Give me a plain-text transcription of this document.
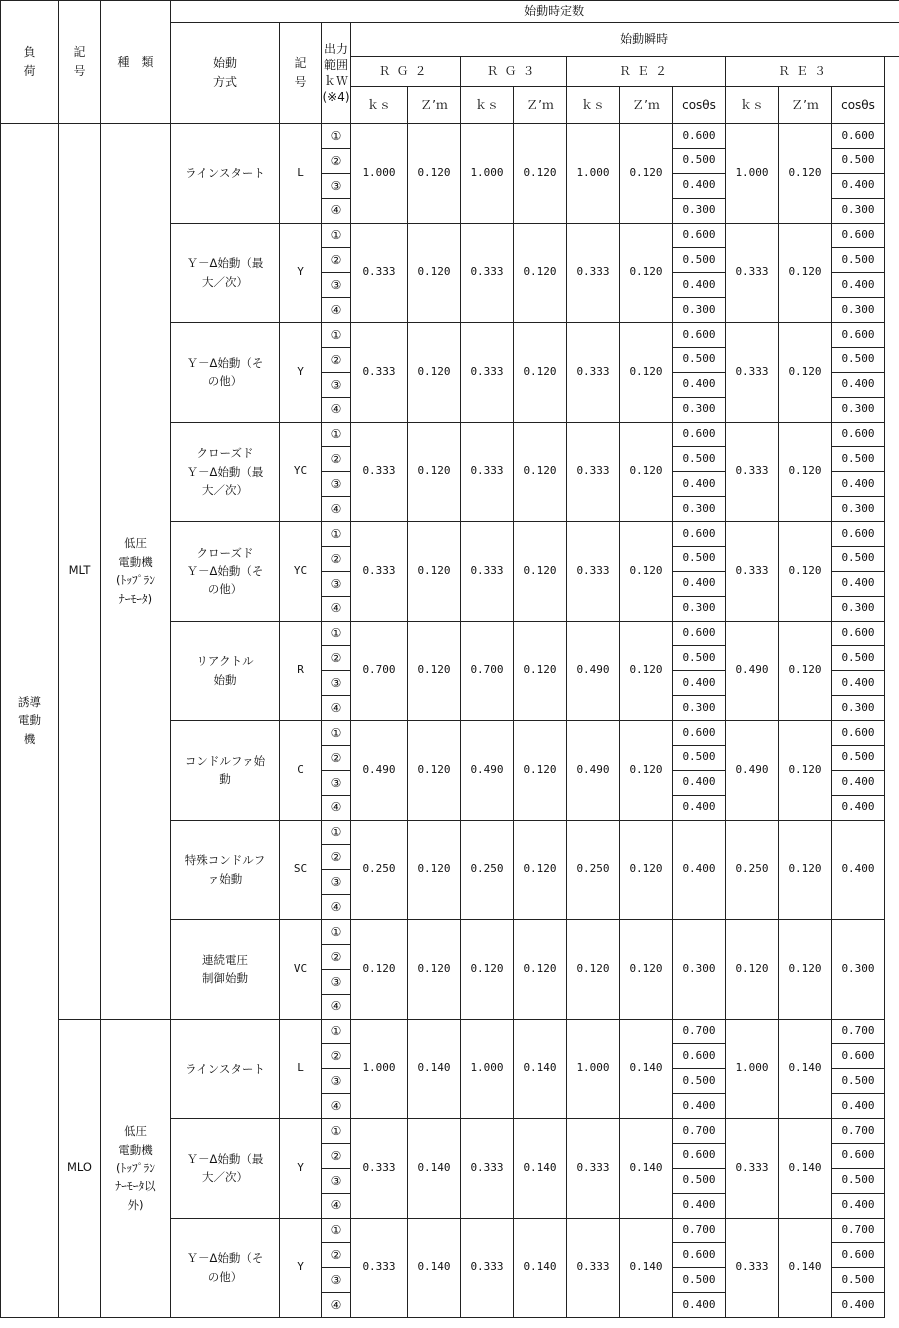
負
荷	記
号	種　類	始動時定数												
			始動
方式	記
号	出力
範囲
ｋＷ
(※4)	始動瞬時									
						ＲＧ２		ＲＧ３		ＲＥ２			ＲＥ３		
						ｋｓ	Ｚ’ｍ	ｋｓ	Ｚ’ｍ	ｋｓ	Ｚ’ｍ	cosθs	ｋｓ	Ｚ’ｍ	cosθs
誘導
電動
機	MLT	低圧
電動機
(ﾄｯﾌﾟﾗﾝ
ﾅｰﾓｰﾀ)	ラインスタート	L	①	1.000	0.120	1.000	0.120	1.000	0.120	0.600	1.000	0.120	0.600
					②							0.500			0.500
					③							0.400			0.400
					④							0.300			0.300
			Ｙ－Δ始動（最
大／次）	Y	①	0.333	0.120	0.333	0.120	0.333	0.120	0.600	0.333	0.120	0.600
					②							0.500			0.500
					③							0.400			0.400
					④							0.300			0.300
			Ｙ－Δ始動（そ
の他）	Y	①	0.333	0.120	0.333	0.120	0.333	0.120	0.600	0.333	0.120	0.600
					②							0.500			0.500
					③							0.400			0.400
					④							0.300			0.300
			クローズド
Ｙ－Δ始動（最
大／次）	YC	①	0.333	0.120	0.333	0.120	0.333	0.120	0.600	0.333	0.120	0.600
					②							0.500			0.500
					③							0.400			0.400
					④							0.300			0.300
			クローズド
Ｙ－Δ始動（そ
の他）	YC	①	0.333	0.120	0.333	0.120	0.333	0.120	0.600	0.333	0.120	0.600
					②							0.500			0.500
					③							0.400			0.400
					④							0.300			0.300
			リアクトル
始動	R	①	0.700	0.120	0.700	0.120	0.490	0.120	0.600	0.490	0.120	0.600
					②							0.500			0.500
					③							0.400			0.400
					④							0.300			0.300
			コンドルファ始
動	C	①	0.490	0.120	0.490	0.120	0.490	0.120	0.600	0.490	0.120	0.600
					②							0.500			0.500
					③							0.400			0.400
					④							0.400			0.400
			特殊コンドルフ
ァ始動	SC	①	0.250	0.120	0.250	0.120	0.250	0.120	0.400	0.250	0.120	0.400
					②										
					③										
					④										
			連続電圧
制御始動	VC	①	0.120	0.120	0.120	0.120	0.120	0.120	0.300	0.120	0.120	0.300
					②										
					③										
					④										
	MLO	低圧
電動機
(ﾄｯﾌﾟﾗﾝ
ﾅｰﾓｰﾀ以
外)	ラインスタート	L	①	1.000	0.140	1.000	0.140	1.000	0.140	0.700	1.000	0.140	0.700
					②							0.600			0.600
					③							0.500			0.500
					④							0.400			0.400
			Ｙ－Δ始動（最
大／次）	Y	①	0.333	0.140	0.333	0.140	0.333	0.140	0.700	0.333	0.140	0.700
					②							0.600			0.600
					③							0.500			0.500
					④							0.400			0.400
			Ｙ－Δ始動（そ
の他）	Y	①	0.333	0.140	0.333	0.140	0.333	0.140	0.700	0.333	0.140	0.700
					②							0.600			0.600
					③							0.500			0.500
					④							0.400			0.400
